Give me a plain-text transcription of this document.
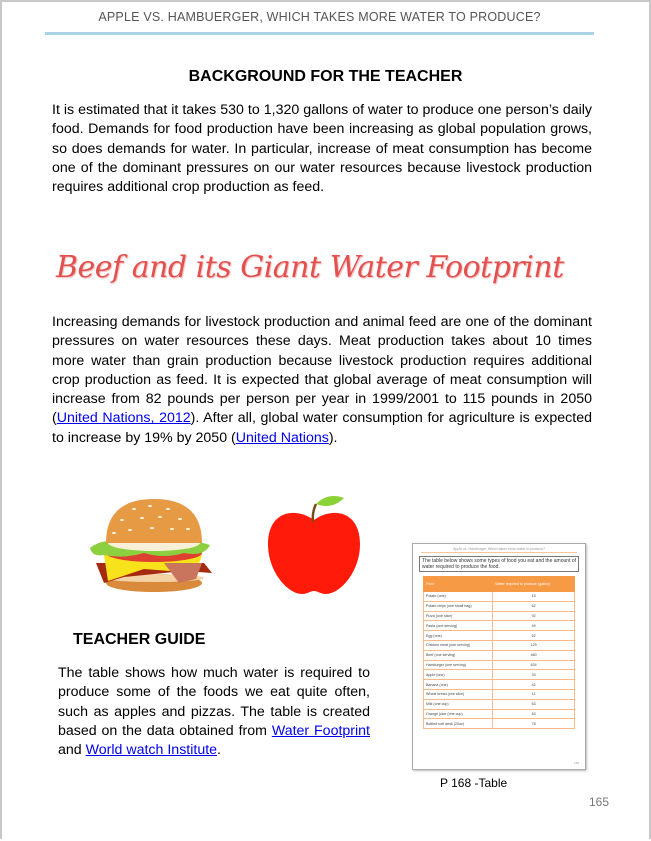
APPLE VS. HAMBUERGER, WHICH TAKES MORE WATER TO PRODUCE?
BACKGROUND FOR THE TEACHER
It is estimated that it takes 530 to 1,320 gallons of water to produce one person’s daily food. Demands for food production have been increasing as global population grows, so does demands for water. In particular, increase of meat consumption has become one of the dominant pressures on our water resources because livestock production requires additional crop production as feed.
Beef and its Giant Water Footprint
Increasing demands for livestock production and animal feed are one of the dominant pressures on water resources these days. Meat production takes about 10 times more water than grain production because livestock production requires additional crop production as feed. It is expected that global average of meat consumption will increase from 82 pounds per person per year in 1999/2001 to 115 pounds in 2050 (United Nations, 2012). After all, global water consumption for agriculture is expected to increase by 19% by 2050 (United Nations).
Apple vs. Hamburger: Which takes more water to produce?
The table below shows some types of food you eat and the amount of water required to produce the food.
Food	Water required to produce (gallon)
Potato (one)	15
Potato chips (one small bag)	62
Pizza (one slice)	92
Pasta (one serving)	49
Egg (one)	52
Chicken meat (one serving)	129
Beef (one serving)	460
Hamburger (one serving)	634
Apple (one)	33
Banana (one)	42
Wheat bread (one slice)	11
Milk (one cup)	63
Orange juice (one cup)	63
Bottled soft drink (20oz)	78
168
P 168 -Table
165
TEACHER GUIDE
The table shows how much water is required to produce some of the foods we eat quite often, such as apples and pizzas. The table is created based on the data obtained from Water Footprint and World watch Institute.
